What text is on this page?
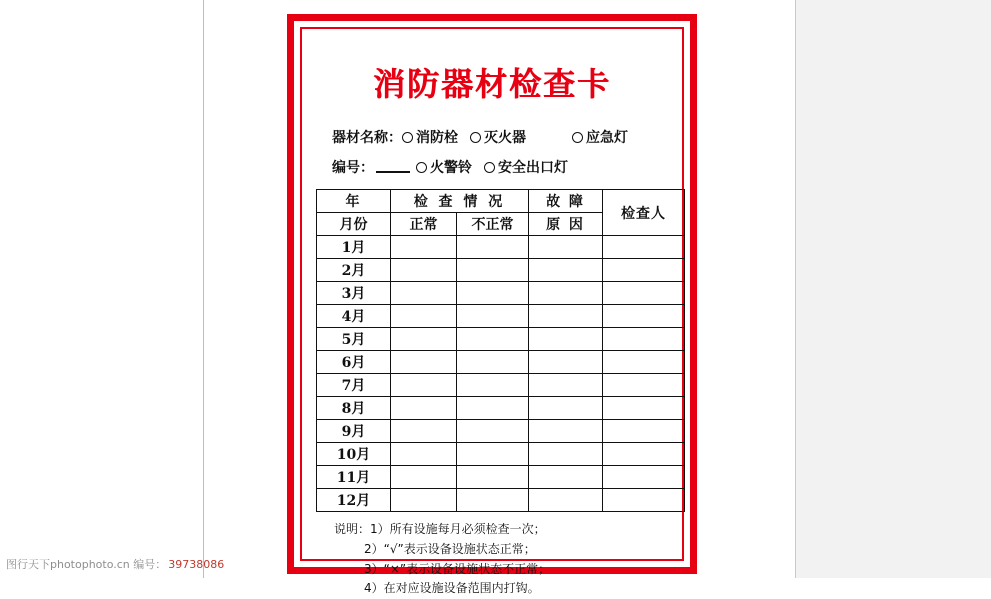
消防器材检查卡
器材名称： 消防栓 灭火器	应急灯
编号：	火警铃 安全出口灯
年	检 查 情 况		故 障	检查人
月份	正常	不正常	原 因	
1月				
2月				
3月				
4月				
5月				
6月				
7月				
8月				
9月				
10月				
11月				
12月				
说明：1）所有设施每月必须检查一次；
2）“√”表示设备设施状态正常；
3）“×”表示设备设施状态不正常；
4）在对应设施设备范围内打钩。
图行天下photophoto.cn 编号： 39738086
